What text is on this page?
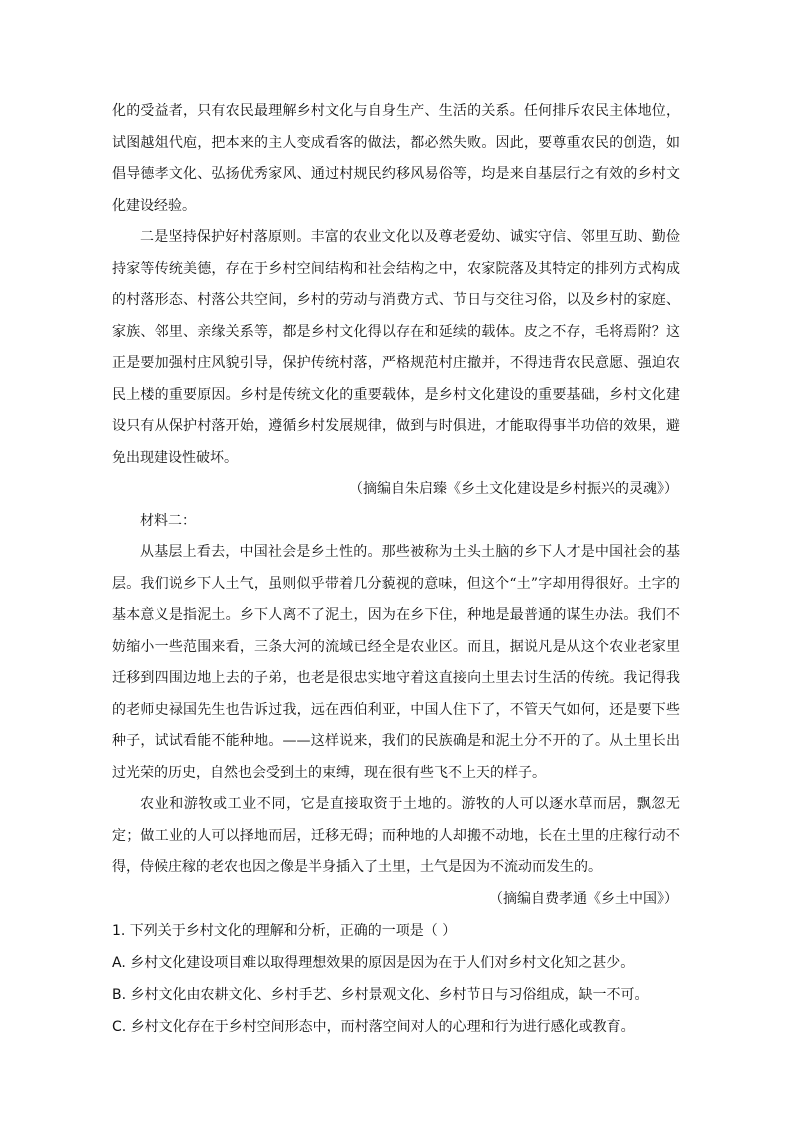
化的受益者，只有农民最理解乡村文化与自身生产、生活的关系。任何排斥农民主体地位，试图越俎代庖，把本来的主人变成看客的做法，都必然失败。因此，要尊重农民的创造，如倡导德孝文化、弘扬优秀家风、通过村规民约移风易俗等，均是来自基层行之有效的乡村文化建设经验。

二是坚持保护好村落原则。丰富的农业文化以及尊老爱幼、诚实守信、邻里互助、勤俭持家等传统美德，存在于乡村空间结构和社会结构之中，农家院落及其特定的排列方式构成的村落形态、村落公共空间，乡村的劳动与消费方式、节日与交往习俗，以及乡村的家庭、家族、邻里、亲缘关系等，都是乡村文化得以存在和延续的载体。皮之不存，毛将焉附？这正是要加强村庄风貌引导，保护传统村落，严格规范村庄撤并，不得违背农民意愿、强迫农民上楼的重要原因。乡村是传统文化的重要载体，是乡村文化建设的重要基础，乡村文化建设只有从保护村落开始，遵循乡村发展规律，做到与时俱进，才能取得事半功倍的效果，避免出现建设性破坏。

（摘编自朱启臻《乡土文化建设是乡村振兴的灵魂》）

材料二：

从基层上看去，中国社会是乡土性的。那些被称为土头土脑的乡下人才是中国社会的基层。我们说乡下人土气，虽则似乎带着几分藐视的意味，但这个“土”字却用得很好。土字的基本意义是指泥土。乡下人离不了泥土，因为在乡下住，种地是最普通的谋生办法。我们不妨缩小一些范围来看，三条大河的流域已经全是农业区。而且，据说凡是从这个农业老家里迁移到四围边地上去的子弟，也老是很忠实地守着这直接向土里去讨生活的传统。我记得我的老师史禄国先生也告诉过我，远在西伯利亚，中国人住下了，不管天气如何，还是要下些种子，试试看能不能种地。——这样说来，我们的民族确是和泥土分不开的了。从土里长出过光荣的历史，自然也会受到土的束缚，现在很有些飞不上天的样子。

农业和游牧或工业不同，它是直接取资于土地的。游牧的人可以逐水草而居，飘忽无定；做工业的人可以择地而居，迁移无碍；而种地的人却搬不动地，长在土里的庄稼行动不得，侍候庄稼的老农也因之像是半身插入了土里，土气是因为不流动而发生的。

（摘编自费孝通《乡土中国》）

1. 下列关于乡村文化的理解和分析，正确的一项是（ ）

A. 乡村文化建设项目难以取得理想效果的原因是因为在于人们对乡村文化知之甚少。

B. 乡村文化由农耕文化、乡村手艺、乡村景观文化、乡村节日与习俗组成，缺一不可。

C. 乡村文化存在于乡村空间形态中，而村落空间对人的心理和行为进行感化或教育。
